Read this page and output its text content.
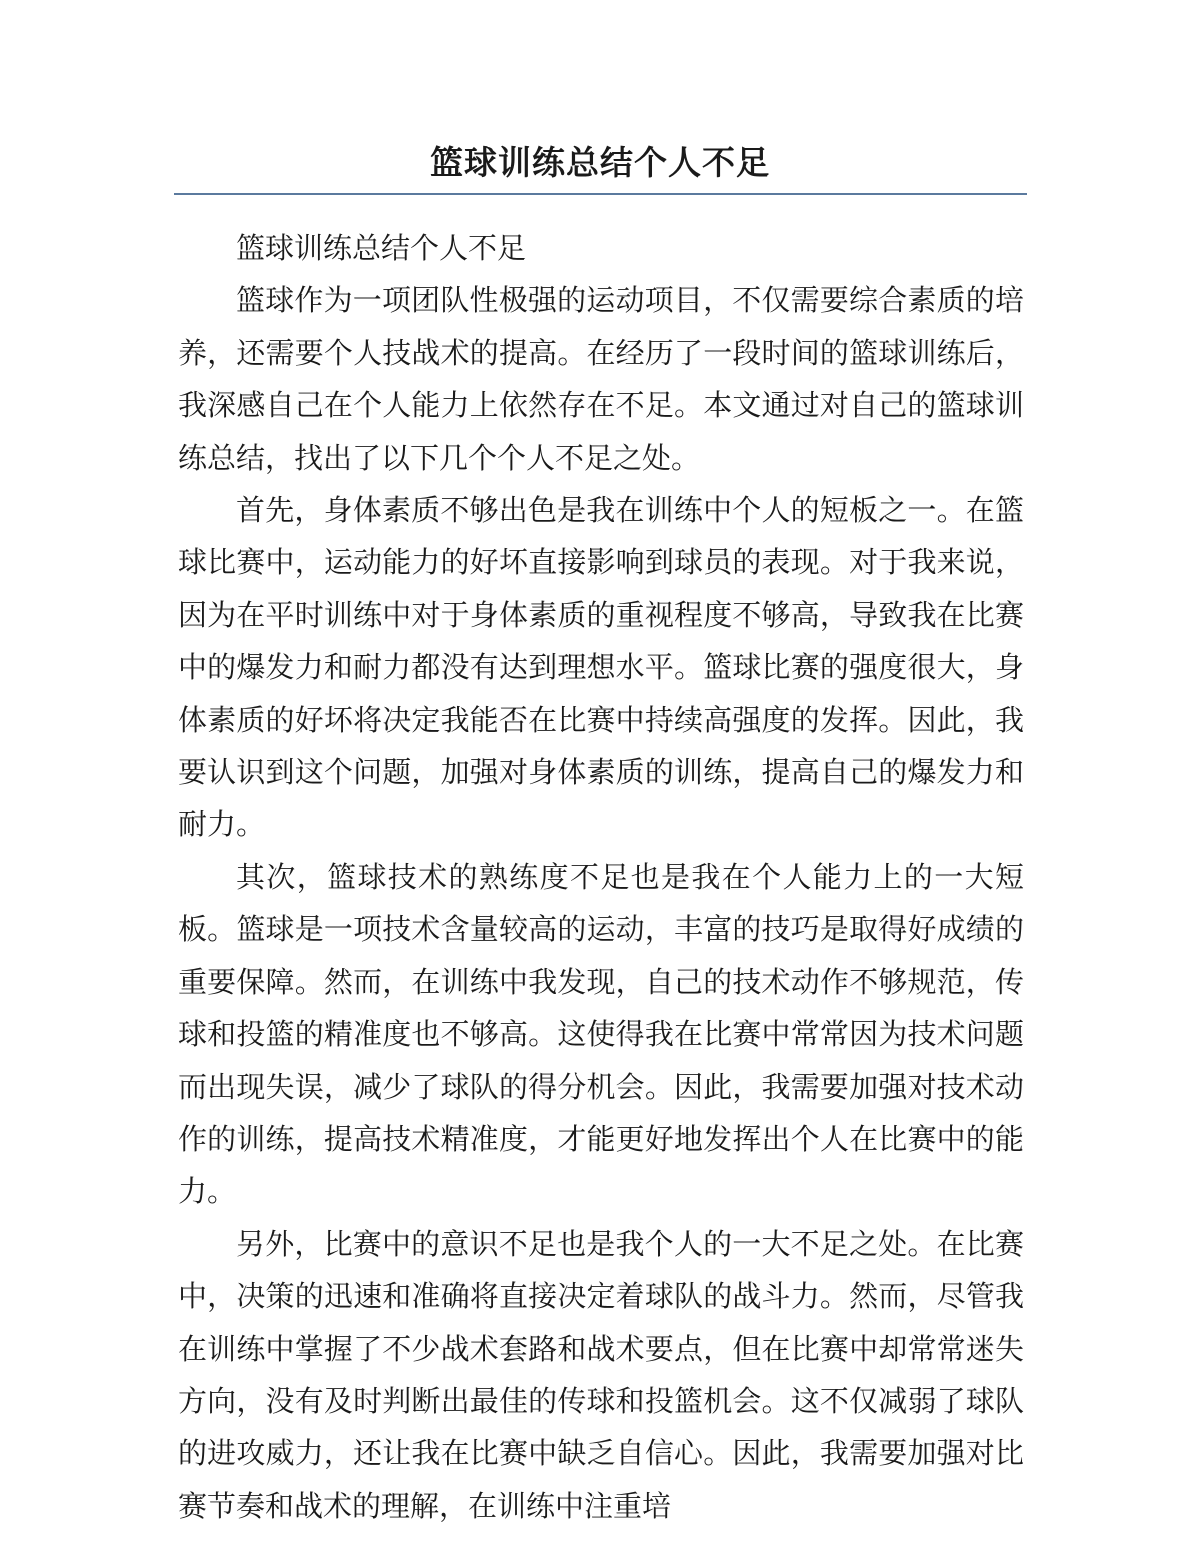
篮球训练总结个人不足

篮球训练总结个人不足

篮球作为一项团队性极强的运动项目，不仅需要综合素质的培养，还需要个人技战术的提高。在经历了一段时间的篮球训练后，我深感自己在个人能力上依然存在不足。本文通过对自己的篮球训练总结，找出了以下几个个人不足之处。

首先，身体素质不够出色是我在训练中个人的短板之一。在篮球比赛中，运动能力的好坏直接影响到球员的表现。对于我来说，因为在平时训练中对于身体素质的重视程度不够高，导致我在比赛中的爆发力和耐力都没有达到理想水平。篮球比赛的强度很大，身体素质的好坏将决定我能否在比赛中持续高强度的发挥。因此，我要认识到这个问题，加强对身体素质的训练，提高自己的爆发力和耐力。

其次，篮球技术的熟练度不足也是我在个人能力上的一大短板。篮球是一项技术含量较高的运动，丰富的技巧是取得好成绩的重要保障。然而，在训练中我发现，自己的技术动作不够规范，传球和投篮的精准度也不够高。这使得我在比赛中常常因为技术问题而出现失误，减少了球队的得分机会。因此，我需要加强对技术动作的训练，提高技术精准度，才能更好地发挥出个人在比赛中的能力。

另外，比赛中的意识不足也是我个人的一大不足之处。在比赛中，决策的迅速和准确将直接决定着球队的战斗力。然而，尽管我在训练中掌握了不少战术套路和战术要点，但在比赛中却常常迷失方向，没有及时判断出最佳的传球和投篮机会。这不仅减弱了球队的进攻威力，还让我在比赛中缺乏自信心。因此，我需要加强对比赛节奏和战术的理解，在训练中注重培
